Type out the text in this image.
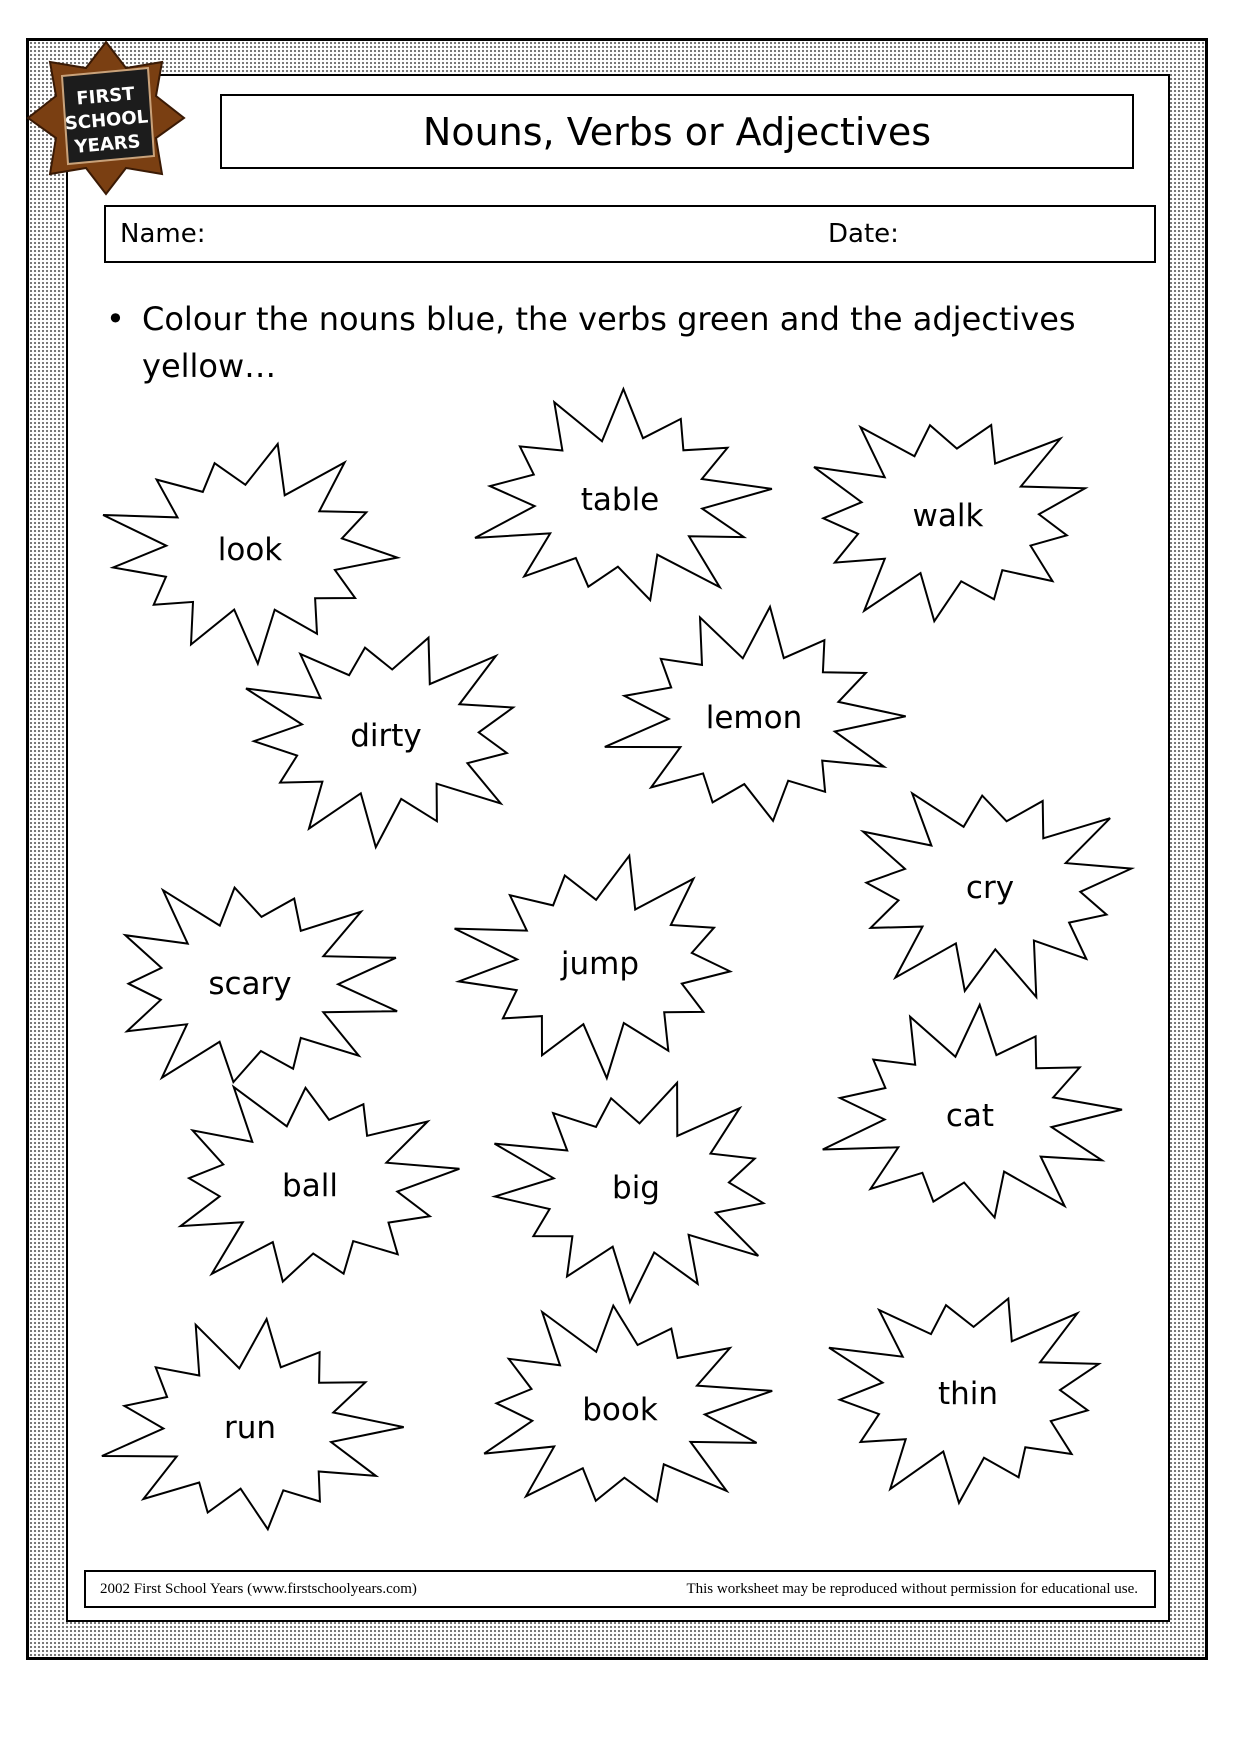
FIRST
SCHOOL
YEARS	Nouns, Verbs or Adjectives
Name:	Date:
• Colour the nouns blue, the verbs green and the adjectives yellow…
look
table	walk
dirty	lemon
cry
scary
jump
cat
ball	big
run	book	thin
2002 First School Years (www.firstschoolyears.com)	This worksheet may be reproduced without permission for educational use.
